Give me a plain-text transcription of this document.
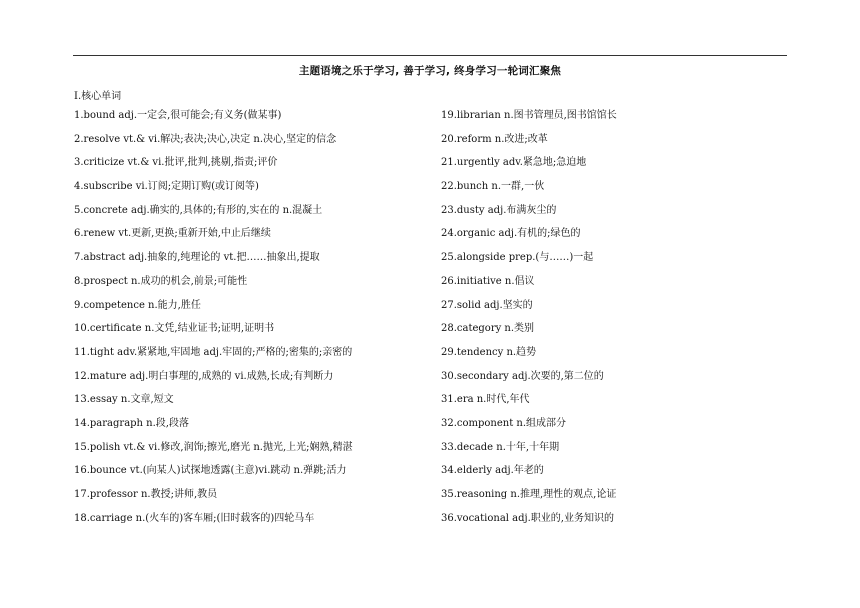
主题语境之乐于学习, 善于学习, 终身学习一轮词汇聚焦
I.核心单词
1.bound adj.一定会,很可能会;有义务(做某事)
2.resolve vt.& vi.解决;表决;决心,决定 n.决心,坚定的信念
3.criticize vt.& vi.批评,批判,挑剔,指责;评价
4.subscribe vi.订阅;定期订购(或订阅等)
5.concrete adj.确实的,具体的;有形的,实在的 n.混凝土
6.renew vt.更新,更换;重新开始,中止后继续
7.abstract adj.抽象的,纯理论的 vt.把……抽象出,提取
8.prospect n.成功的机会,前景;可能性
9.competence n.能力,胜任
10.certificate n.文凭,结业证书;证明,证明书
11.tight adv.紧紧地,牢固地 adj.牢固的;严格的;密集的;亲密的
12.mature adj.明白事理的,成熟的 vi.成熟,长成;有判断力
13.essay n.文章,短文
14.paragraph n.段,段落
15.polish vt.& vi.修改,润饰;擦光,磨光 n.抛光,上光;娴熟,精湛
16.bounce vt.(向某人)试探地透露(主意)vi.跳动 n.弹跳;活力
17.professor n.教授;讲师,教员
18.carriage n.(火车的)客车厢;(旧时载客的)四轮马车
19.librarian n.图书管理员,图书馆馆长
20.reform n.改进;改革
21.urgently adv.紧急地;急迫地
22.bunch n.一群,一伙
23.dusty adj.布满灰尘的
24.organic adj.有机的;绿色的
25.alongside prep.(与……)一起
26.initiative n.倡议
27.solid adj.坚实的
28.category n.类别
29.tendency n.趋势
30.secondary adj.次要的,第二位的
31.era n.时代,年代
32.component n.组成部分
33.decade n.十年,十年期
34.elderly adj.年老的
35.reasoning n.推理,理性的观点,论证
36.vocational adj.职业的,业务知识的
